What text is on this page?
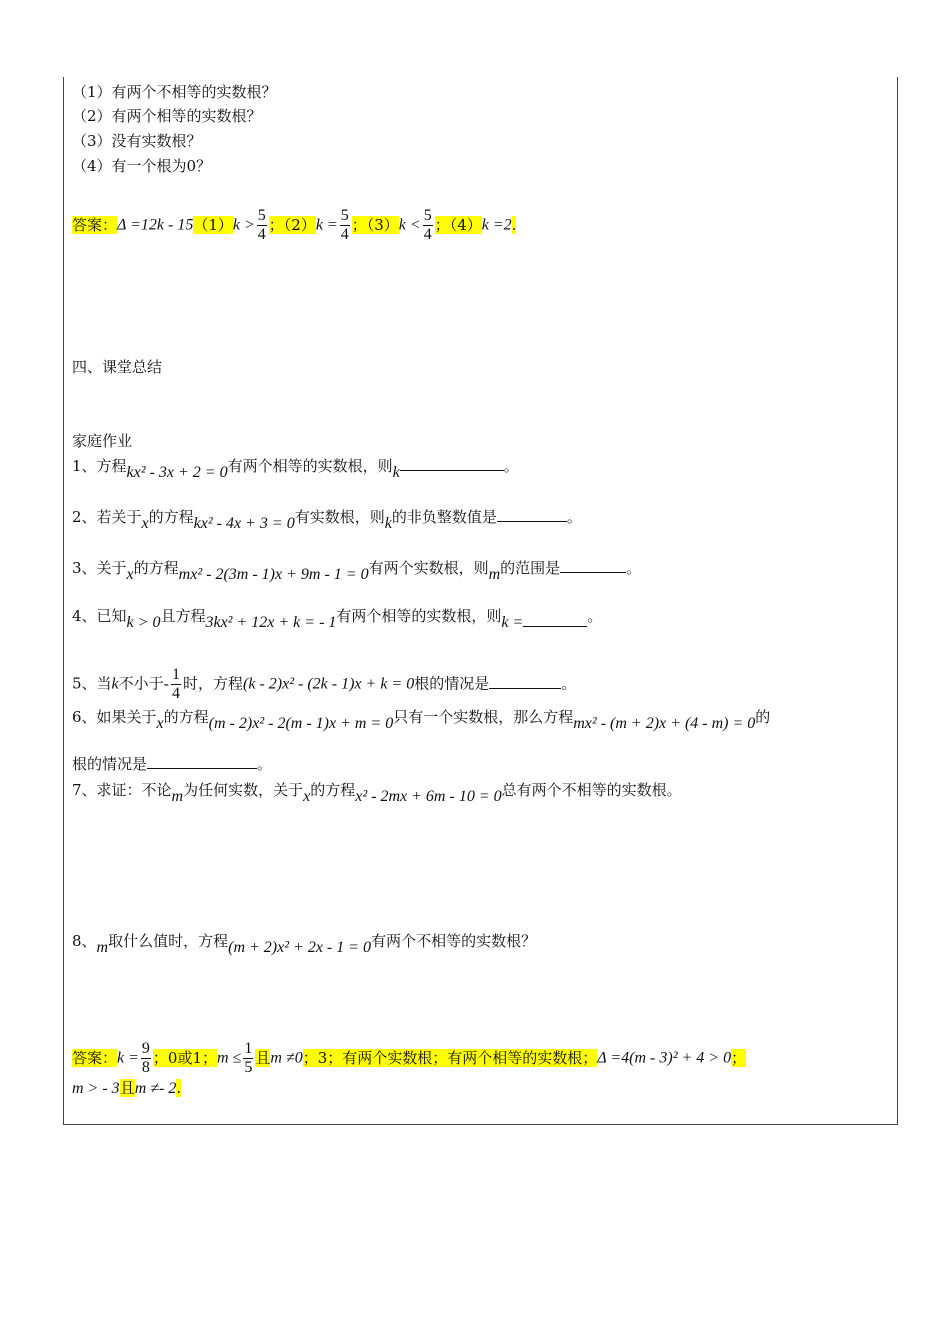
（1）有两个不相等的实数根？
（2）有两个相等的实数根？
（3）没有实数根？
（4）有一个根为0？
答案：$\Delta =12k - 15(1)k > \frac{5}{4}$ ；$(2)k = \frac{5}{4}$ ；$(3)k < \frac{5}{4}$ ；（4）k =2.
四、课堂总结
家庭作业
1、方程kx² - 3x + 2 = 0有两个相等的实数根，则k	。
2、若关于x的方程kx² - 4x + 3 = 0有实数根，则k的非负整数值是	。
3、关于x的方程mx² - 2(3m - 1)x + 9m - 1 = 0有两个实数根，则m的范围是	。
4、已知k > 0且方程3kx² + 12x + k = - 1有两个相等的实数根，则k =	。
5、当k不小于- $\frac{1}{4}$ 时，方程(k - 2)x² - (2k - 1)x + k = 0根的情况是	。
6、如果关于x的方程(m - 2)x² - 2(m - 1)x + m = 0只有一个实数根，那么方程mx² - (m + 2)x + (4 - m) = 0的
根的情况是	。
7、求证：不论m为任何实数，关于x的方程x² - 2mx + 6m - 10 = 0总有两个不相等的实数根。
8、m取什么值时，方程(m + 2)x² + 2x - 1 = 0有两个不相等的实数根？
答案：$k = \frac{9}{8}$ ；0或1；$m \le \frac{1}{5}$ 且m ≠0；3；有两个实数根；有两个相等的实数根；Δ =4(m - 3)² + 4 > 0；
m > - 3且m ≠- 2.
